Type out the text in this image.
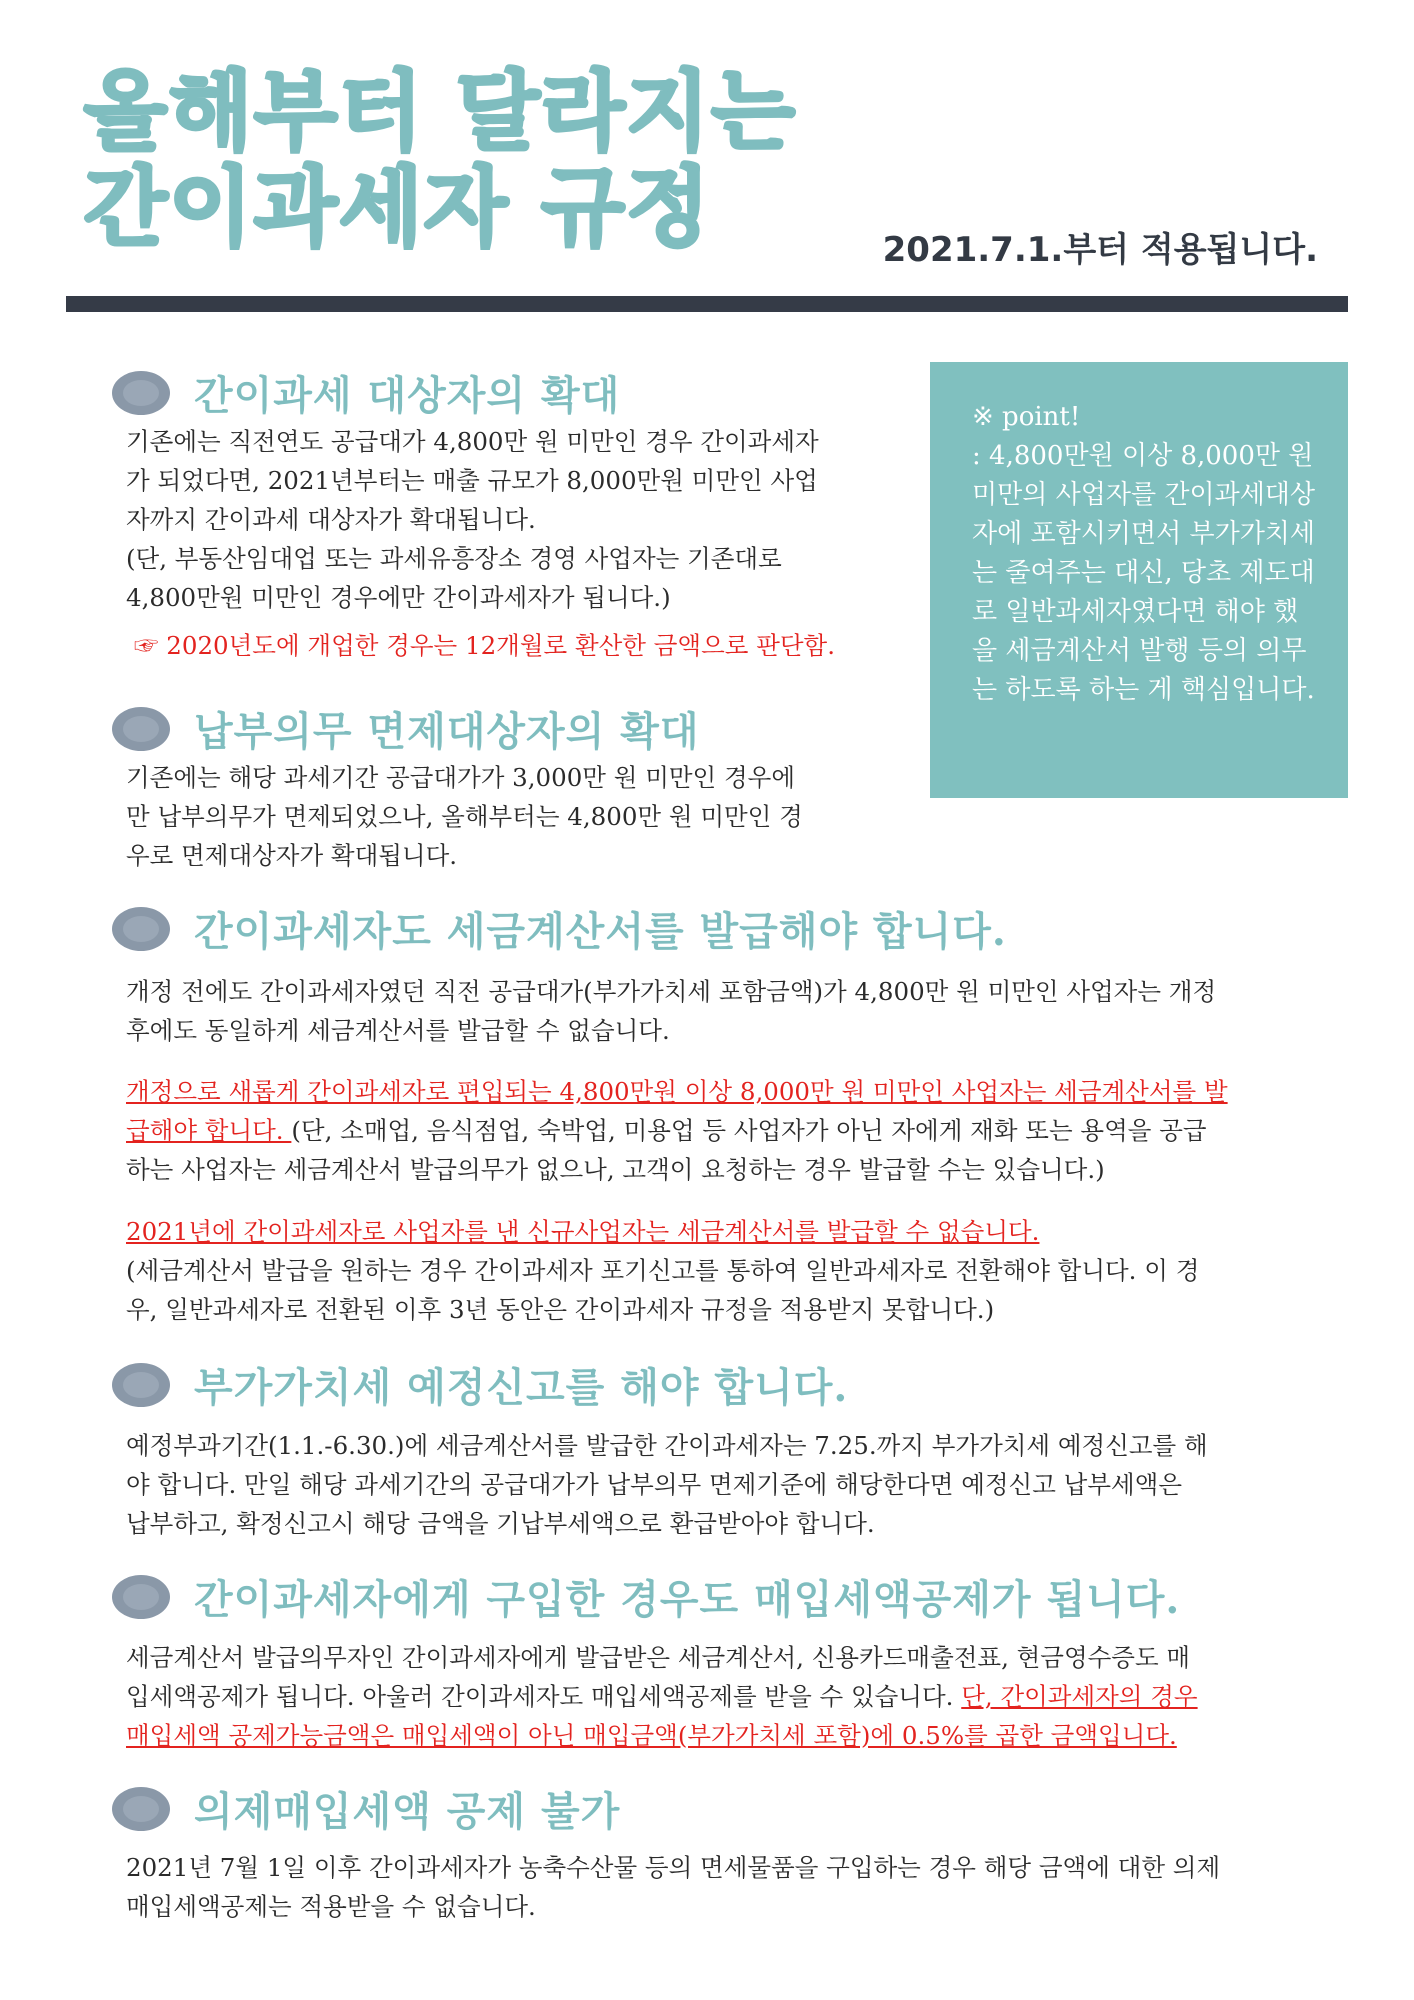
올해부터 달라지는
간이과세자 규정	2021.7.1.부터 적용됩니다.
※ point!
: 4,800만원 이상 8,000만 원 미만의 사업자를 간이과세대상자에 포함시키면서 부가가치세는 줄여주는 대신, 당초 제도대로 일반과세자였다면 해야 했을 세금계산서 발행 등의 의무는 하도록 하는 게 핵심입니다.
간이과세 대상자의 확대
기존에는 직전연도 공급대가 4,800만 원 미만인 경우 간이과세자
가 되었다면, 2021년부터는 매출 규모가 8,000만원 미만인 사업
자까지 간이과세 대상자가 확대됩니다.
(단, 부동산임대업 또는 과세유흥장소 경영 사업자는 기존대로
4,800만원 미만인 경우에만 간이과세자가 됩니다.)
☞ 2020년도에 개업한 경우는 12개월로 환산한 금액으로 판단함.
납부의무 면제대상자의 확대
기존에는 해당 과세기간 공급대가가 3,000만 원 미만인 경우에
만 납부의무가 면제되었으나, 올해부터는 4,800만 원 미만인 경
우로 면제대상자가 확대됩니다.
간이과세자도 세금계산서를 발급해야 합니다.
개정 전에도 간이과세자였던 직전 공급대가(부가가치세 포함금액)가 4,800만 원 미만인 사업자는 개정
후에도 동일하게 세금계산서를 발급할 수 없습니다.
개정으로 새롭게 간이과세자로 편입되는 4,800만원 이상 8,000만 원 미만인 사업자는 세금계산서를 발
급해야 합니다. (단, 소매업, 음식점업, 숙박업, 미용업 등 사업자가 아닌 자에게 재화 또는 용역을 공급
하는 사업자는 세금계산서 발급의무가 없으나, 고객이 요청하는 경우 발급할 수는 있습니다.)
2021년에 간이과세자로 사업자를 낸 신규사업자는 세금계산서를 발급할 수 없습니다.
(세금계산서 발급을 원하는 경우 간이과세자 포기신고를 통하여 일반과세자로 전환해야 합니다. 이 경
우, 일반과세자로 전환된 이후 3년 동안은 간이과세자 규정을 적용받지 못합니다.)
부가가치세 예정신고를 해야 합니다.
예정부과기간(1.1.-6.30.)에 세금계산서를 발급한 간이과세자는 7.25.까지 부가가치세 예정신고를 해
야 합니다. 만일 해당 과세기간의 공급대가가 납부의무 면제기준에 해당한다면 예정신고 납부세액은
납부하고, 확정신고시 해당 금액을 기납부세액으로 환급받아야 합니다.
간이과세자에게 구입한 경우도 매입세액공제가 됩니다.
세금계산서 발급의무자인 간이과세자에게 발급받은 세금계산서, 신용카드매출전표, 현금영수증도 매
입세액공제가 됩니다. 아울러 간이과세자도 매입세액공제를 받을 수 있습니다. 단, 간이과세자의 경우
매입세액 공제가능금액은 매입세액이 아닌 매입금액(부가가치세 포함)에 0.5%를 곱한 금액입니다.
의제매입세액 공제 불가
2021년 7월 1일 이후 간이과세자가 농축수산물 등의 면세물품을 구입하는 경우 해당 금액에 대한 의제
매입세액공제는 적용받을 수 없습니다.
